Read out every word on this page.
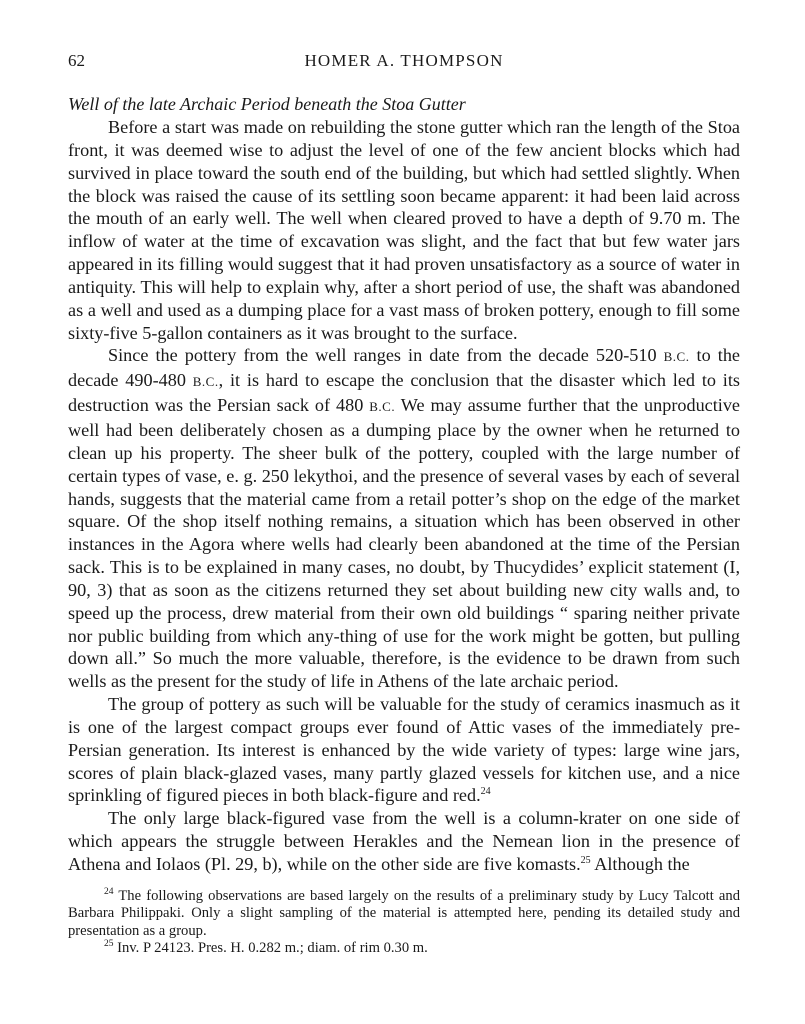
62	HOMER A. THOMPSON
Well of the late Archaic Period beneath the Stoa Gutter

Before a start was made on rebuilding the stone gutter which ran the length of the Stoa front, it was deemed wise to adjust the level of one of the few ancient blocks which had survived in place toward the south end of the building, but which had settled slightly. When the block was raised the cause of its settling soon became apparent: it had been laid across the mouth of an early well. The well when cleared proved to have a depth of 9.70 m. The inflow of water at the time of excavation was slight, and the fact that but few water jars appeared in its filling would suggest that it had proven unsatisfactory as a source of water in antiquity. This will help to explain why, after a short period of use, the shaft was abandoned as a well and used as a dumping place for a vast mass of broken pottery, enough to fill some sixty-five 5-gallon containers as it was brought to the surface.

Since the pottery from the well ranges in date from the decade 520-510 B.C. to the decade 490-480 B.C., it is hard to escape the conclusion that the disaster which led to its destruction was the Persian sack of 480 B.C. We may assume further that the unproductive well had been deliberately chosen as a dumping place by the owner when he returned to clean up his property. The sheer bulk of the pottery, coupled with the large number of certain types of vase, e. g. 250 lekythoi, and the presence of several vases by each of several hands, suggests that the material came from a retail potter’s shop on the edge of the market square. Of the shop itself nothing remains, a situation which has been observed in other instances in the Agora where wells had clearly been abandoned at the time of the Persian sack. This is to be explained in many cases, no doubt, by Thucydides’ explicit statement (I, 90, 3) that as soon as the citizens returned they set about building new city walls and, to speed up the process, drew material from their own old buildings “ sparing neither private nor public building from which any-thing of use for the work might be gotten, but pulling down all.” So much the more valuable, therefore, is the evidence to be drawn from such wells as the present for the study of life in Athens of the late archaic period.

The group of pottery as such will be valuable for the study of ceramics inasmuch as it is one of the largest compact groups ever found of Attic vases of the immediately pre-Persian generation. Its interest is enhanced by the wide variety of types: large wine jars, scores of plain black-glazed vases, many partly glazed vessels for kitchen use, and a nice sprinkling of figured pieces in both black-figure and red.$^{24}$

The only large black-figured vase from the well is a column-krater on one side of which appears the struggle between Herakles and the Nemean lion in the presence of Athena and Iolaos (Pl. 29, b), while on the other side are five komasts.$^{25}$ Although the

$^{24}$ The following observations are based largely on the results of a preliminary study by Lucy Talcott and Barbara Philippaki. Only a slight sampling of the material is attempted here, pending its detailed study and presentation as a group.

$^{25}$ Inv. P 24123. Pres. H. 0.282 m.; diam. of rim 0.30 m.
